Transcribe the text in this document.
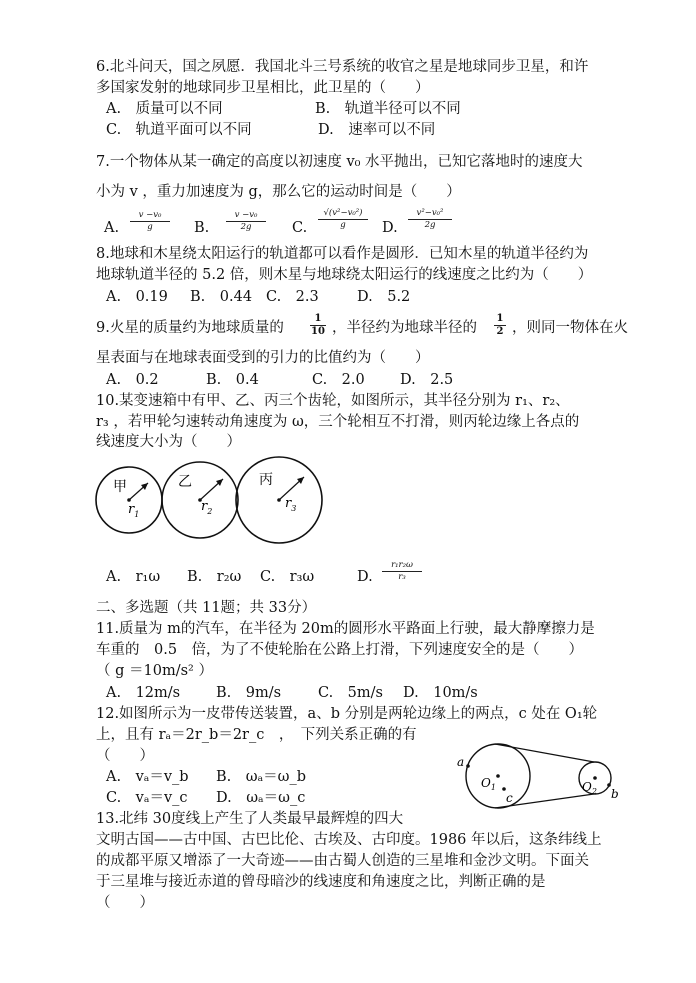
6.北斗问天，国之夙愿．我国北斗三号系统的收官之星是地球同步卫星，和许
多国家发射的地球同步卫星相比，此卫星的（　　）
A.　质量可以不同	B.　轨道半径可以不同
C.　轨道平面可以不同	D.　速率可以不同
7.一个物体从某一确定的高度以初速度 v₀ 水平抛出，已知它落地时的速度大
小为 v ，重力加速度为 g，那么它的运动时间是（　　）
A. $\frac{\text{v −v₀}}{g} B$. $\frac{\text{v −v₀}}{2g} C$. $\frac{\text{√(v²−v₀²)}}{g} D$. $\frac{\text{v²−v₀²}}{2g}$
8.地球和木星绕太阳运行的轨道都可以看作是圆形．已知木星的轨道半径约为
地球轨道半径的 5.2 倍，则木星与地球绕太阳运行的线速度之比约为（　　）
A.　0.19 B.　0.44 C.　2.3	D.　5.2
9.火星的质量约为地球质量的	$\frac{1}{10}$ ，半径约为地球半径的 $\frac{1}{2}$ ，则同一物体在火
星表面与在地球表面受到的引力的比值约为（　　）
A.　0.2	B.　0.4	C.　2.0 D.　2.5
10.某变速箱中有甲、乙、丙三个齿轮，如图所示，其半径分别为 r₁、r₂、
r₃ ，若甲轮匀速转动角速度为 ω，三个轮相互不打滑，则丙轮边缘上各点的
线速度大小为（　　）
甲	乙	丙
$r_1$
$r_2$
$r_3$
A.　r₁ω B.　r₂ω C.　r₃ω	D. $\frac{\text{r₁r₂ω}}{\text{r₃}}$
二、多选题（共 11题；共 33分）
11.质量为 m的汽车，在半径为 20m的圆形水平路面上行驶，最大静摩擦力是
车重的　0.5　倍，为了不使轮胎在公路上打滑，下列速度安全的是（　　）
（ g ＝10m/s² ）
A.　12m/s B.　9m/s	C.　5m/s D.　10m/s
12.如图所示为一皮带传送装置，a、b 分别是两轮边缘上的两点，c 处在 O₁轮
上，且有 rₐ＝2r_b＝2r_c　，　下列关系正确的有
（　　）
A.　vₐ＝v_b B.　ωₐ＝ω_b
C.　vₐ＝v_c D.　ωₐ＝ω_c
a
c	b
$O_1$	$O_2$
13.北纬 30度线上产生了人类最早最辉煌的四大
文明古国——古中国、古巴比伦、古埃及、古印度。1986 年以后，这条纬线上
的成都平原又增添了一大奇迹——由古蜀人创造的三星堆和金沙文明。下面关
于三星堆与接近赤道的曾母暗沙的线速度和角速度之比，判断正确的是
（　　）
